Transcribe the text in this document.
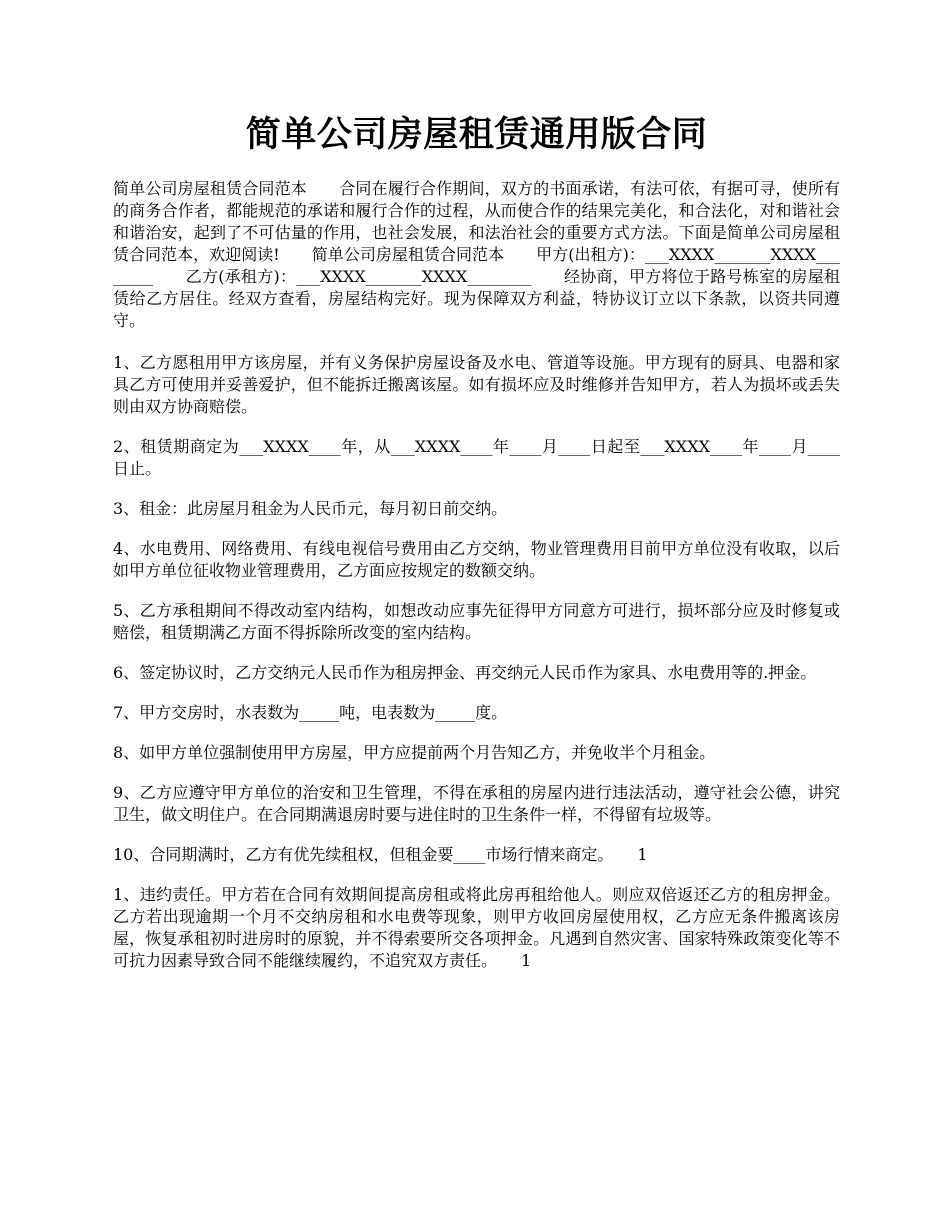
简单公司房屋租赁通用版合同

简单公司房屋租赁合同范本　　合同在履行合作期间，双方的书面承诺，有法可依，有据可寻，使所有的商务合作者，都能规范的承诺和履行合作的过程，从而使合作的结果完美化，和合法化，对和谐社会和谐治安，起到了不可估量的作用，也社会发展，和法治社会的重要方式方法。下面是简单公司房屋租赁合同范本，欢迎阅读!　　简单公司房屋租赁合同范本　　甲方(出租方)：___XXXX_______XXXX________　　乙方(承租方)：___XXXX_______XXXX________　　经协商，甲方将位于路号栋室的房屋租赁给乙方居住。经双方查看，房屋结构完好。现为保障双方利益，特协议订立以下条款，以资共同遵守。

1、乙方愿租用甲方该房屋，并有义务保护房屋设备及水电、管道等设施。甲方现有的厨具、电器和家具乙方可使用并妥善爱护，但不能拆迁搬离该屋。如有损坏应及时维修并告知甲方，若人为损坏或丢失则由双方协商赔偿。

2、租赁期商定为___XXXX____年，从___XXXX____年____月____日起至___XXXX____年____月____日止。

3、租金：此房屋月租金为人民币元，每月初日前交纳。

4、水电费用、网络费用、有线电视信号费用由乙方交纳，物业管理费用目前甲方单位没有收取，以后如甲方单位征收物业管理费用，乙方面应按规定的数额交纳。

5、乙方承租期间不得改动室内结构，如想改动应事先征得甲方同意方可进行，损坏部分应及时修复或赔偿，租赁期满乙方面不得拆除所改变的室内结构。

6、签定协议时，乙方交纳元人民币作为租房押金、再交纳元人民币作为家具、水电费用等的.押金。

7、甲方交房时，水表数为_____吨，电表数为_____度。

8、如甲方单位强制使用甲方房屋，甲方应提前两个月告知乙方，并免收半个月租金。

9、乙方应遵守甲方单位的治安和卫生管理，不得在承租的房屋内进行违法活动，遵守社会公德，讲究卫生，做文明住户。在合同期满退房时要与进住时的卫生条件一样，不得留有垃圾等。

10、合同期满时，乙方有优先续租权，但租金要____市场行情来商定。　　1

1、违约责任。甲方若在合同有效期间提高房租或将此房再租给他人。则应双倍返还乙方的租房押金。乙方若出现逾期一个月不交纳房租和水电费等现象，则甲方收回房屋使用权，乙方应无条件搬离该房屋，恢复承租初时进房时的原貌，并不得索要所交各项押金。凡遇到自然灾害、国家特殊政策变化等不可抗力因素导致合同不能继续履约，不追究双方责任。　　1
